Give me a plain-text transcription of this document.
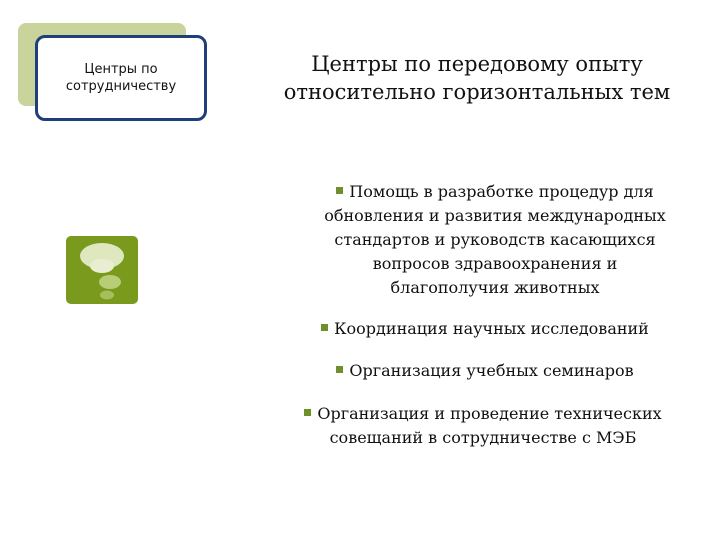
Центры по
сотрудничеству
Центры по передовому опыту
относительно горизонтальных тем
Помощь в разработке процедур для
обновления и развития международных
стандартов и руководств касающихся
вопросов здравоохранения и
благополучия животных
Координация научных исследований
Организация учебных семинаров
Организация и проведение технических
совещаний в сотрудничестве с МЭБ
